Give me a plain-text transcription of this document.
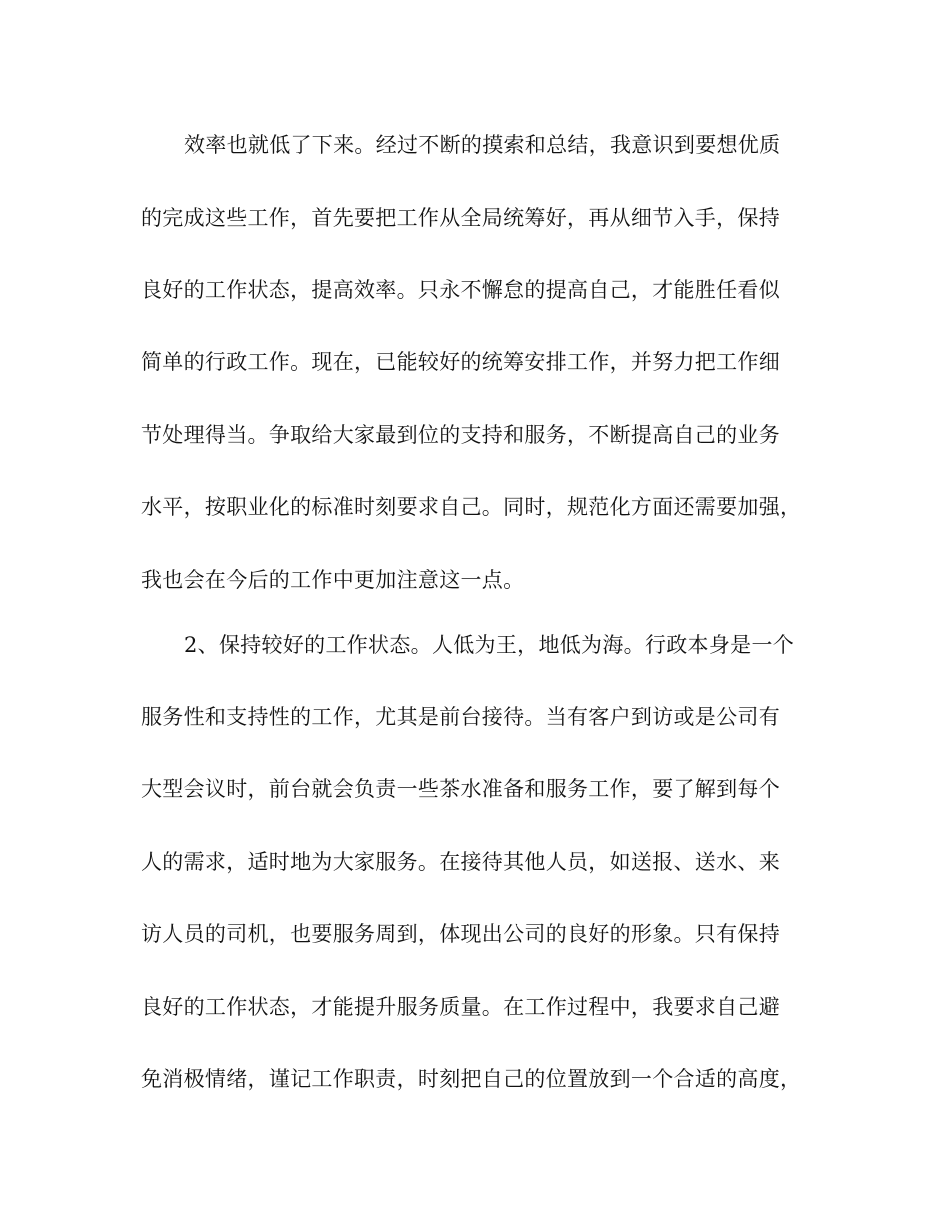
效率也就低了下来。经过不断的摸索和总结，我意识到要想优质
的完成这些工作，首先要把工作从全局统筹好，再从细节入手，保持
良好的工作状态，提高效率。只永不懈怠的提高自己，才能胜任看似
简单的行政工作。现在，已能较好的统筹安排工作，并努力把工作细
节处理得当。争取给大家最到位的支持和服务，不断提高自己的业务
水平，按职业化的标准时刻要求自己。同时，规范化方面还需要加强，
我也会在今后的工作中更加注意这一点。
2、保持较好的工作状态。人低为王，地低为海。行政本身是一个
服务性和支持性的工作，尤其是前台接待。当有客户到访或是公司有
大型会议时，前台就会负责一些茶水准备和服务工作，要了解到每个
人的需求，适时地为大家服务。在接待其他人员，如送报、送水、来
访人员的司机，也要服务周到，体现出公司的良好的形象。只有保持
良好的工作状态，才能提升服务质量。在工作过程中，我要求自己避
免消极情绪，谨记工作职责，时刻把自己的位置放到一个合适的高度，
